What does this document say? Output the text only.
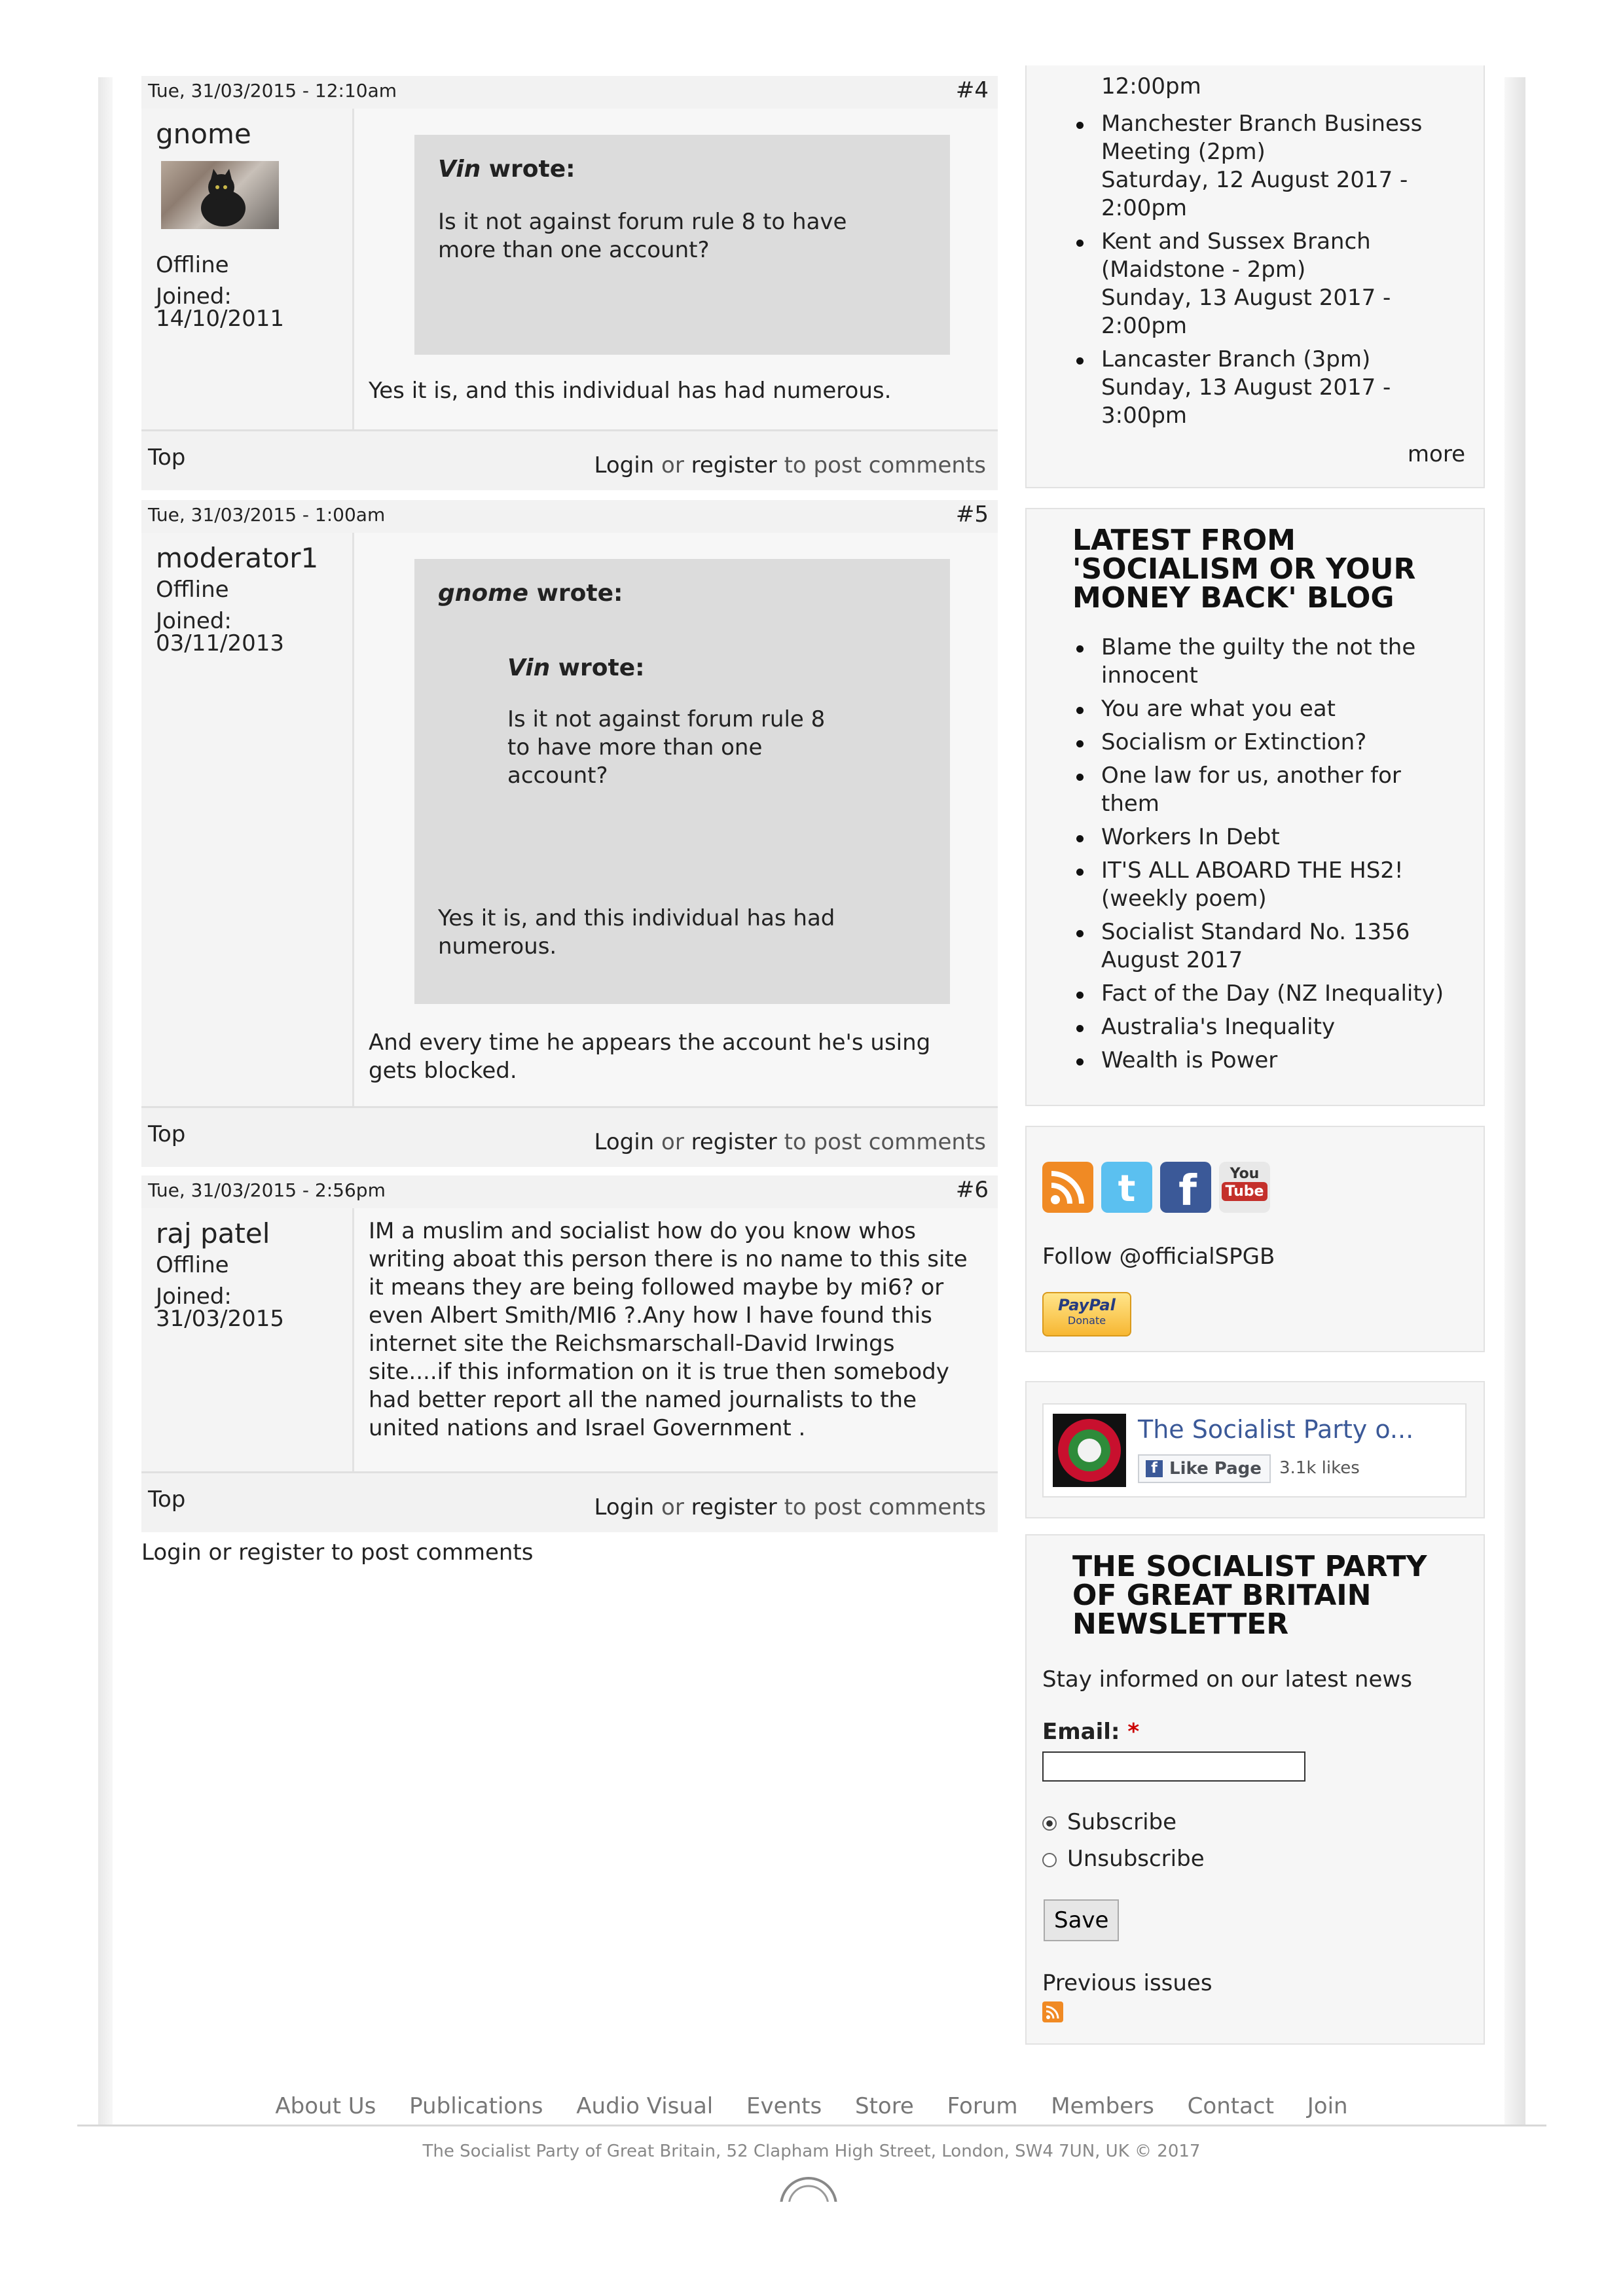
Tue, 31/03/2015 - 12:10am	#4
gnome
Offline
Joined:
14/10/2011
Vin wrote:
Is it not against forum rule 8 to have more than one account?
Yes it is, and this individual has had numerous.
Top	Login or register to post comments
Tue, 31/03/2015 - 1:00am	#5
moderator1
Offline
Joined:
03/11/2013
gnome wrote:
Vin wrote:
Is it not against forum rule 8 to have more than one account?
Yes it is, and this individual has had numerous.
And every time he appears the account he's using gets blocked.
Top	Login or register to post comments
Tue, 31/03/2015 - 2:56pm	#6
raj patel
Offline
Joined:
31/03/2015
IM a muslim and socialist how do you know whos writing aboat this person there is no name to this site it means they are being followed maybe by mi6? or even Albert Smith/MI6 ?.Any how I have found this internet site the Reichsmarschall-David Irwings site....if this information on it is true then somebody had better report all the named journalists to the united nations and Israel Government .
Top	Login or register to post comments
Login or register to post comments
12:00pm
Manchester Branch Business Meeting (2pm)
Saturday, 12 August 2017 - 2:00pm
Kent and Sussex Branch (Maidstone - 2pm)
Sunday, 13 August 2017 - 2:00pm
Lancaster Branch (3pm)
Sunday, 13 August 2017 - 3:00pm
more
LATEST FROM 'SOCIALISM OR YOUR MONEY BACK' BLOG
Blame the guilty the not the innocent
You are what you eat
Socialism or Extinction?
One law for us, another for them
Workers In Debt
IT'S ALL ABOARD THE HS2! (weekly poem)
Socialist Standard No. 1356 August 2017
Fact of the Day (NZ Inequality)
Australia's Inequality
Wealth is Power
t f	You
Tube
Follow @officialSPGB
PayPal
Donate
The Socialist Party o...
f Like Page	3.1k likes
THE SOCIALIST PARTY OF GREAT BRITAIN NEWSLETTER
Stay informed on our latest news
Email: *
Subscribe
Unsubscribe
Save
Previous issues
About Us Publications Audio Visual Events Store Forum Members Contact Join
The Socialist Party of Great Britain, 52 Clapham High Street, London, SW4 7UN, UK © 2017
